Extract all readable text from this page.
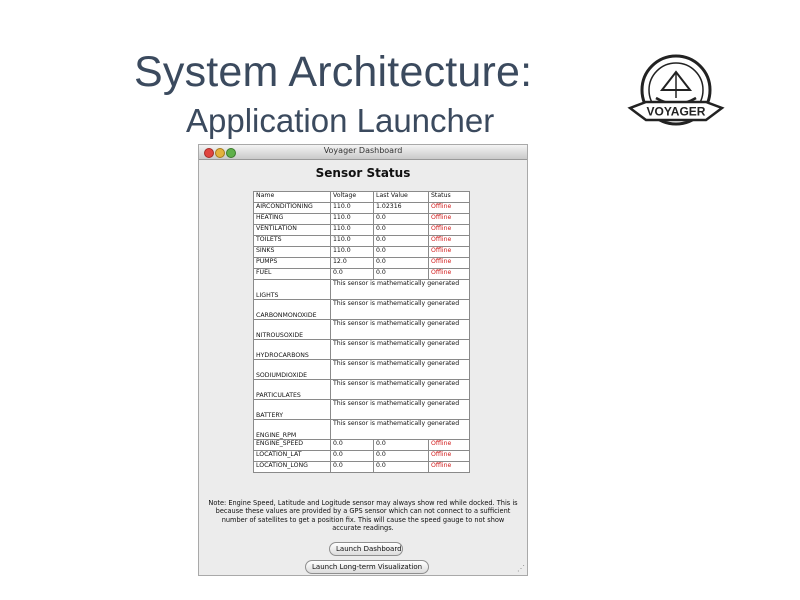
System Architecture:
Application Launcher	VOYAGER
Voyager Dashboard
Sensor Status
Name	Voltage	Last Value	Status
AIRCONDITIONING	110.0	1.02316	Offline
HEATING	110.0	0.0	Offline
VENTILATION	110.0	0.0	Offline
TOILETS	110.0	0.0	Offline
SINKS	110.0	0.0	Offline
PUMPS	12.0	0.0	Offline
FUEL	0.0	0.0	Offline
LIGHTS	This sensor is mathematically generated		
CARBONMONOXIDE	This sensor is mathematically generated		
NITROUSOXIDE	This sensor is mathematically generated		
HYDROCARBONS	This sensor is mathematically generated		
SODIUMDIOXIDE	This sensor is mathematically generated		
PARTICULATES	This sensor is mathematically generated		
BATTERY	This sensor is mathematically generated		
ENGINE_RPM	This sensor is mathematically generated		
ENGINE_SPEED	0.0	0.0	Offline
LOCATION_LAT	0.0	0.0	Offline
LOCATION_LONG	0.0	0.0	Offline
Note: Engine Speed, Latitude and Logitude sensor may always show red while docked. This is because these values are provided by a GPS sensor which can not connect to a sufficient number of satellites to get a position fix. This will cause the speed gauge to not show accurate readings.
Launch Dashboard
Launch Long-term Visualization	⋰
